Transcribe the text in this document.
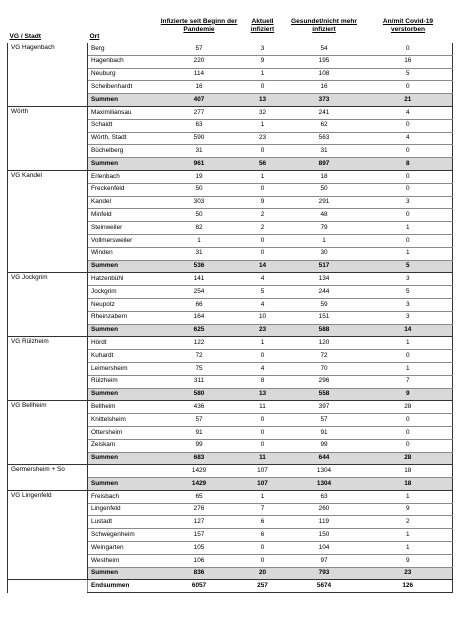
VG / Stadt	Ort	Infizierte seit Beginn der Pandemie	Aktuell infiziert	Gesundet/nicht mehr infiziert	An/mit Covid-19 verstorben
VG Hagenbach	Berg	57	3	54	0
	Hagenbach	220	9	195	16
	Neuburg	114	1	108	5
	Scheibenhardt	16	0	16	0
	Summen	407	13	373	21
Wörth	Maximiliansau	277	32	241	4
	Schaidt	63	1	62	0
	Wörth, Stadt	590	23	563	4
	Büchelberg	31	0	31	0
	Summen	961	56	897	8
VG Kandel	Erlenbach	19	1	18	0
	Freckenfeld	50	0	50	0
	Kandel	303	9	291	3
	Minfeld	50	2	48	0
	Steinweiler	82	2	79	1
	Vollmersweiler	1	0	1	0
	Winden	31	0	30	1
	Summen	536	14	517	5
VG Jockgrim	Hatzenbühl	141	4	134	3
	Jockgrim	254	5	244	5
	Neupotz	66	4	59	3
	Rheinzabern	164	10	151	3
	Summen	625	23	588	14
VG Rülzheim	Hördt	122	1	120	1
	Kuhardt	72	0	72	0
	Leimersheim	75	4	70	1
	Rülzheim	311	8	296	7
	Summen	580	13	558	9
VG Bellheim	Bellheim	436	11	397	28
	Knittelsheim	57	0	57	0
	Ottersheim	91	0	91	0
	Zeiskam	99	0	99	0
	Summen	683	11	644	28
Germersheim + So		1429	107	1304	18
	Summen	1429	107	1304	18
VG Lingenfeld	Freisbach	65	1	63	1
	Lingenfeld	276	7	260	9
	Lustadt	127	6	119	2
	Schwegenheim	157	6	150	1
	Weingarten	105	0	104	1
	Westheim	106	0	97	9
	Summen	836	20	793	23
	Endsummen	6057	257	5674	126
